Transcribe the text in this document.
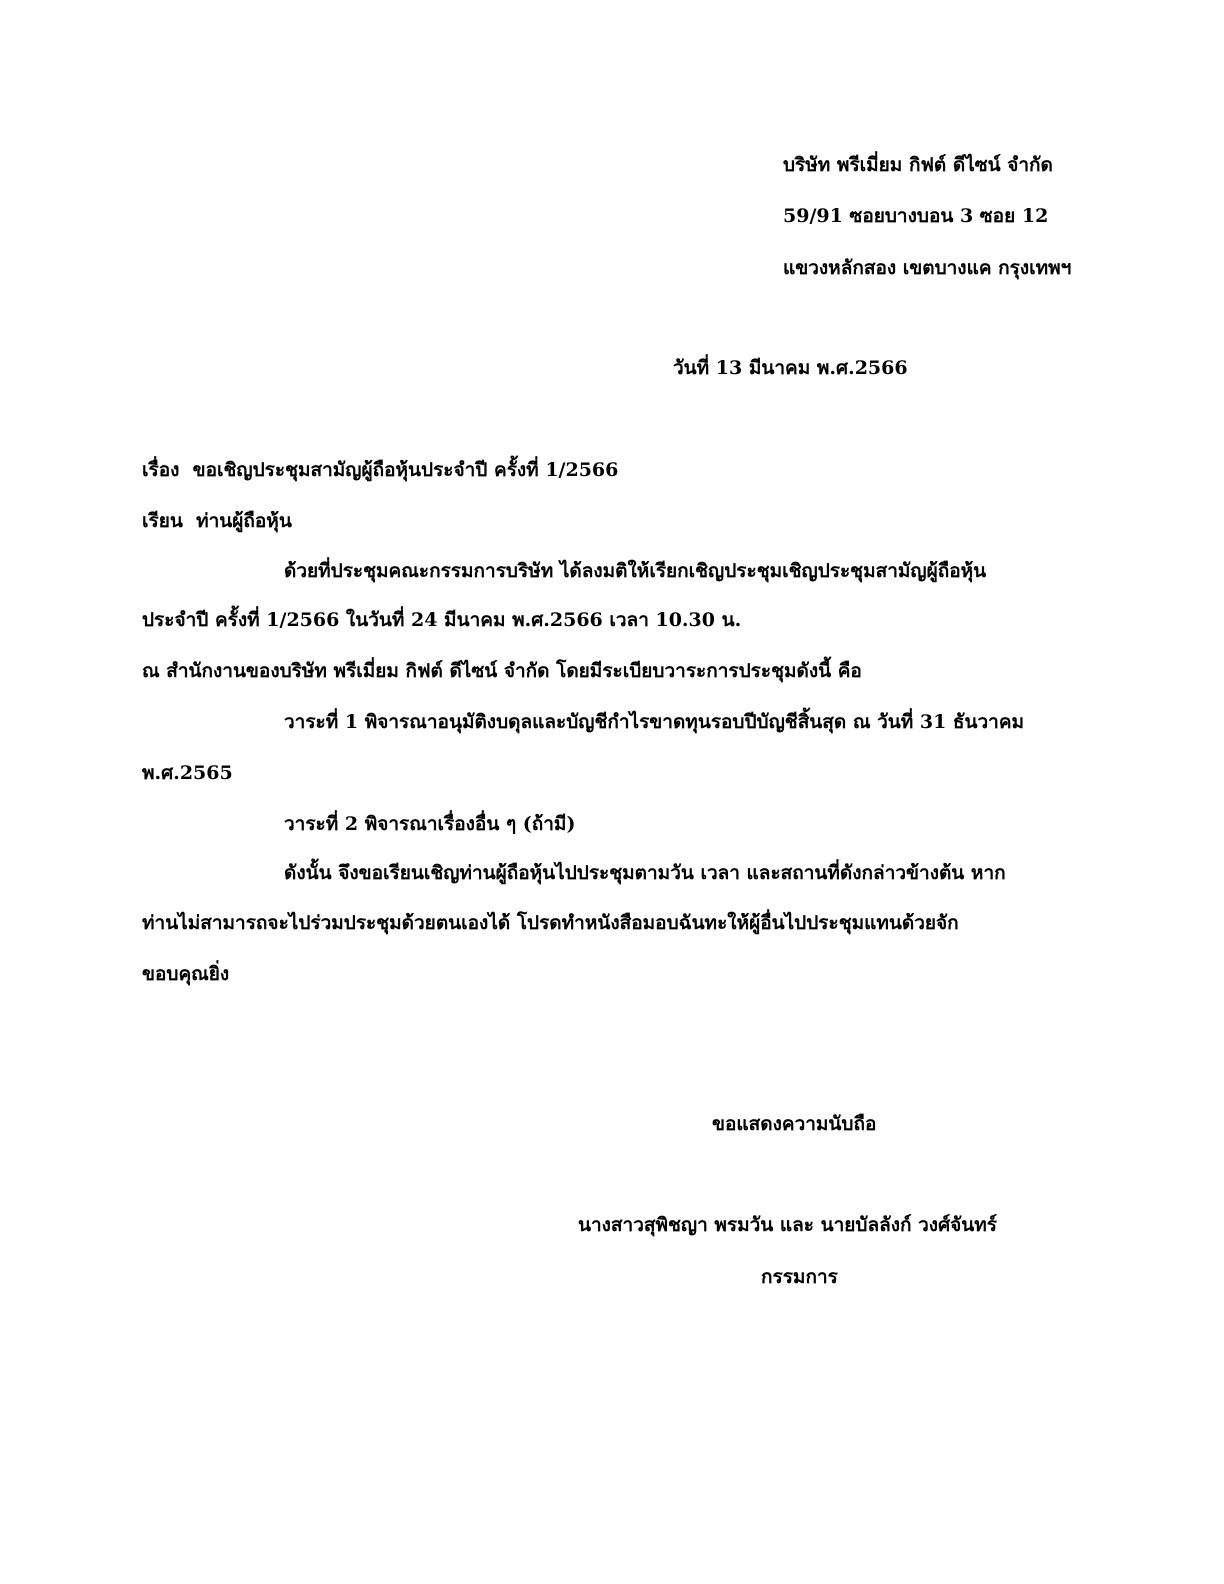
บริษัท พรีเมี่ยม กิฟต์ ดีไซน์ จำกัด
59/91 ซอยบางบอน 3 ซอย 12
แขวงหลักสอง เขตบางแค กรุงเทพฯ
วันที่ 13 มีนาคม พ.ศ.2566
เรื่อง ขอเชิญประชุมสามัญผู้ถือหุ้นประจำปี ครั้งที่ 1/2566
เรียน ท่านผู้ถือหุ้น
ด้วยที่ประชุมคณะกรรมการบริษัท ได้ลงมติให้เรียกเชิญประชุมเชิญประชุมสามัญผู้ถือหุ้น
ประจำปี ครั้งที่ 1/2566 ในวันที่ 24 มีนาคม พ.ศ.2566 เวลา 10.30 น.
ณ สำนักงานของบริษัท พรีเมี่ยม กิฟต์ ดีไซน์ จำกัด โดยมีระเบียบวาระการประชุมดังนี้ คือ
วาระที่ 1 พิจารณาอนุมัติงบดุลและบัญชีกำไรขาดทุนรอบปีบัญชีสิ้นสุด ณ วันที่ 31 ธันวาคม
พ.ศ.2565
วาระที่ 2 พิจารณาเรื่องอื่น ๆ (ถ้ามี)
ดังนั้น จึงขอเรียนเชิญท่านผู้ถือหุ้นไปประชุมตามวัน เวลา และสถานที่ดังกล่าวข้างต้น หาก
ท่านไม่สามารถจะไปร่วมประชุมด้วยตนเองได้ โปรดทำหนังสือมอบฉันทะให้ผู้อื่นไปประชุมแทนด้วยจัก
ขอบคุณยิ่ง
ขอแสดงความนับถือ
นางสาวสุพิชญา พรมวัน และ นายบัลลังก์ วงศ์จันทร์
กรรมการ
